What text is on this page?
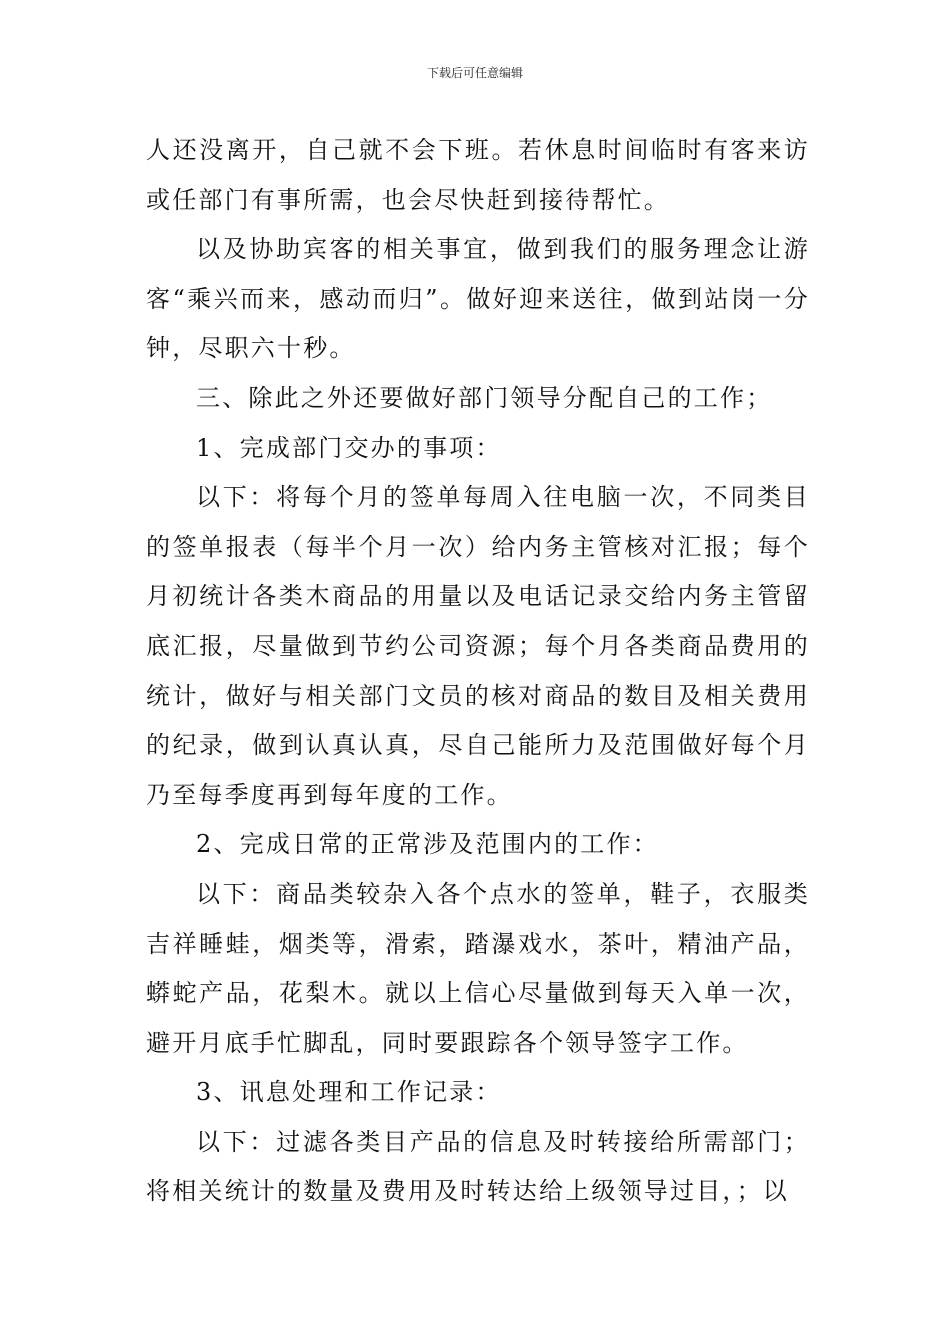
下载后可任意编辑

人还没离开，自己就不会下班。若休息时间临时有客来访或任部门有事所需，也会尽快赶到接待帮忙。

以及协助宾客的相关事宜，做到我们的服务理念让游客“乘兴而来，感动而归”。做好迎来送往，做到站岗一分钟，尽职六十秒。

三、除此之外还要做好部门领导分配自己的工作；

1、完成部门交办的事项：

以下：将每个月的签单每周入往电脑一次，不同类目的签单报表（每半个月一次）给内务主管核对汇报；每个月初统计各类木商品的用量以及电话记录交给内务主管留底汇报，尽量做到节约公司资源；每个月各类商品费用的统计，做好与相关部门文员的核对商品的数目及相关费用的纪录，做到认真认真，尽自己能所力及范围做好每个月乃至每季度再到每年度的工作。

2、完成日常的正常涉及范围内的工作：

以下：商品类较杂入各个点水的签单，鞋子，衣服类吉祥睡蛙，烟类等，滑索，踏瀑戏水，茶叶，精油产品，蟒蛇产品，花梨木。就以上信心尽量做到每天入单一次，避开月底手忙脚乱，同时要跟踪各个领导签字工作。

3、讯息处理和工作记录：

以下：过滤各类目产品的信息及时转接给所需部门；将相关统计的数量及费用及时转达给上级领导过目，；以
